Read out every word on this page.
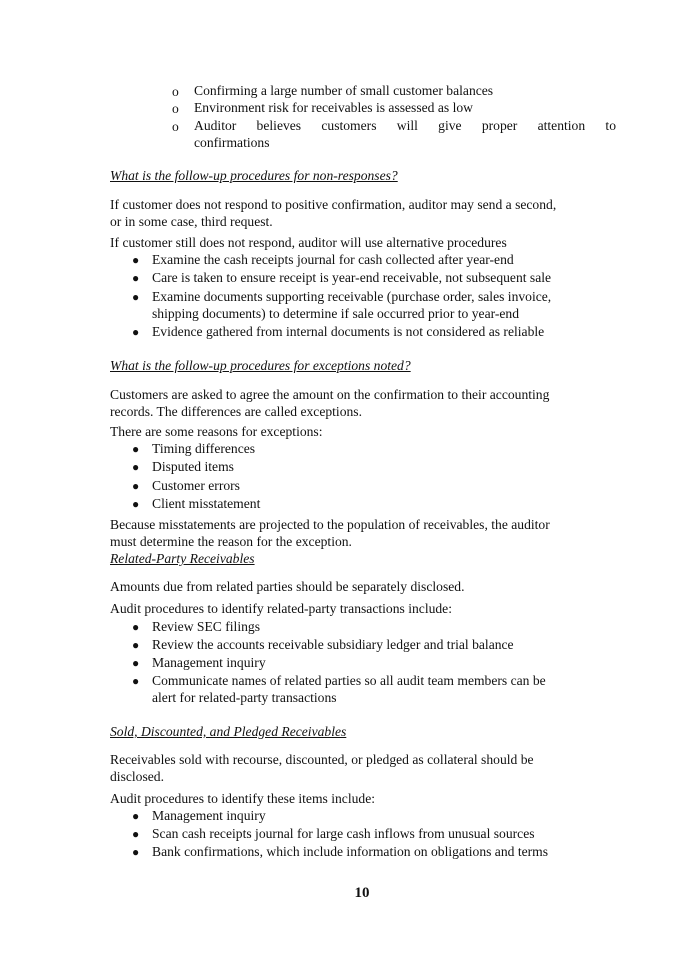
o Confirming a large number of small customer balances
o Environment risk for receivables is assessed as low
o Auditor believes customers will give proper attention to
confirmations
What is the follow-up procedures for non-responses?
If customer does not respond to positive confirmation, auditor may send a second,
or in some case, third request.
If customer still does not respond, auditor will use alternative procedures
● Examine the cash receipts journal for cash collected after year-end
● Care is taken to ensure receipt is year-end receivable, not subsequent sale
● Examine documents supporting receivable (purchase order, sales invoice,
shipping documents) to determine if sale occurred prior to year-end
● Evidence gathered from internal documents is not considered as reliable
What is the follow-up procedures for exceptions noted?
Customers are asked to agree the amount on the confirmation to their accounting
records. The differences are called exceptions.
There are some reasons for exceptions:
● Timing differences
● Disputed items
● Customer errors
● Client misstatement
Because misstatements are projected to the population of receivables, the auditor
must determine the reason for the exception.
Related-Party Receivables
Amounts due from related parties should be separately disclosed.
Audit procedures to identify related-party transactions include:
● Review SEC filings
● Review the accounts receivable subsidiary ledger and trial balance
● Management inquiry
● Communicate names of related parties so all audit team members can be
alert for related-party transactions
Sold, Discounted, and Pledged Receivables
Receivables sold with recourse, discounted, or pledged as collateral should be
disclosed.
Audit procedures to identify these items include:
● Management inquiry
● Scan cash receipts journal for large cash inflows from unusual sources
● Bank confirmations, which include information on obligations and terms
10
